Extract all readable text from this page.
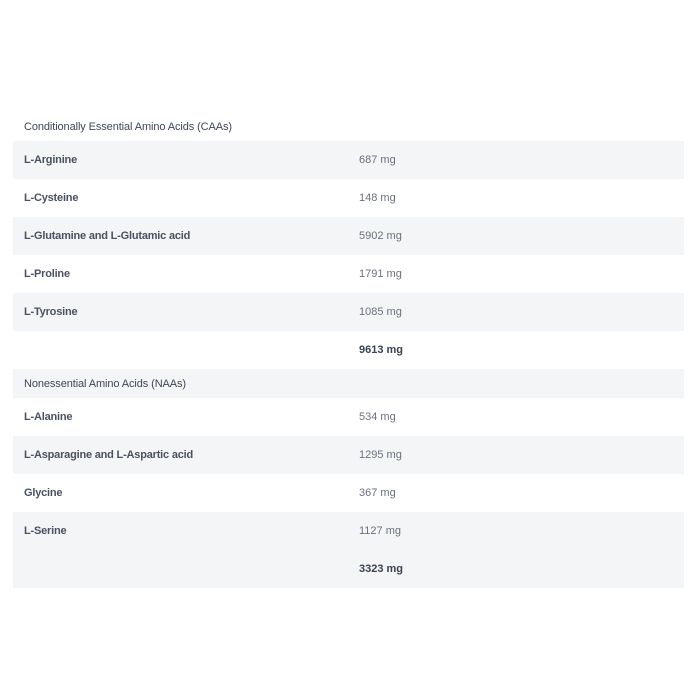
Conditionally Essential Amino Acids (CAAs)
L-Arginine	687 mg
L-Cysteine	148 mg
L-Glutamine and L-Glutamic acid	5902 mg
L-Proline	1791 mg
L-Tyrosine	1085 mg
9613 mg
Nonessential Amino Acids (NAAs)
L-Alanine	534 mg
L-Asparagine and L-Aspartic acid	1295 mg
Glycine	367 mg
L-Serine	1127 mg
3323 mg
